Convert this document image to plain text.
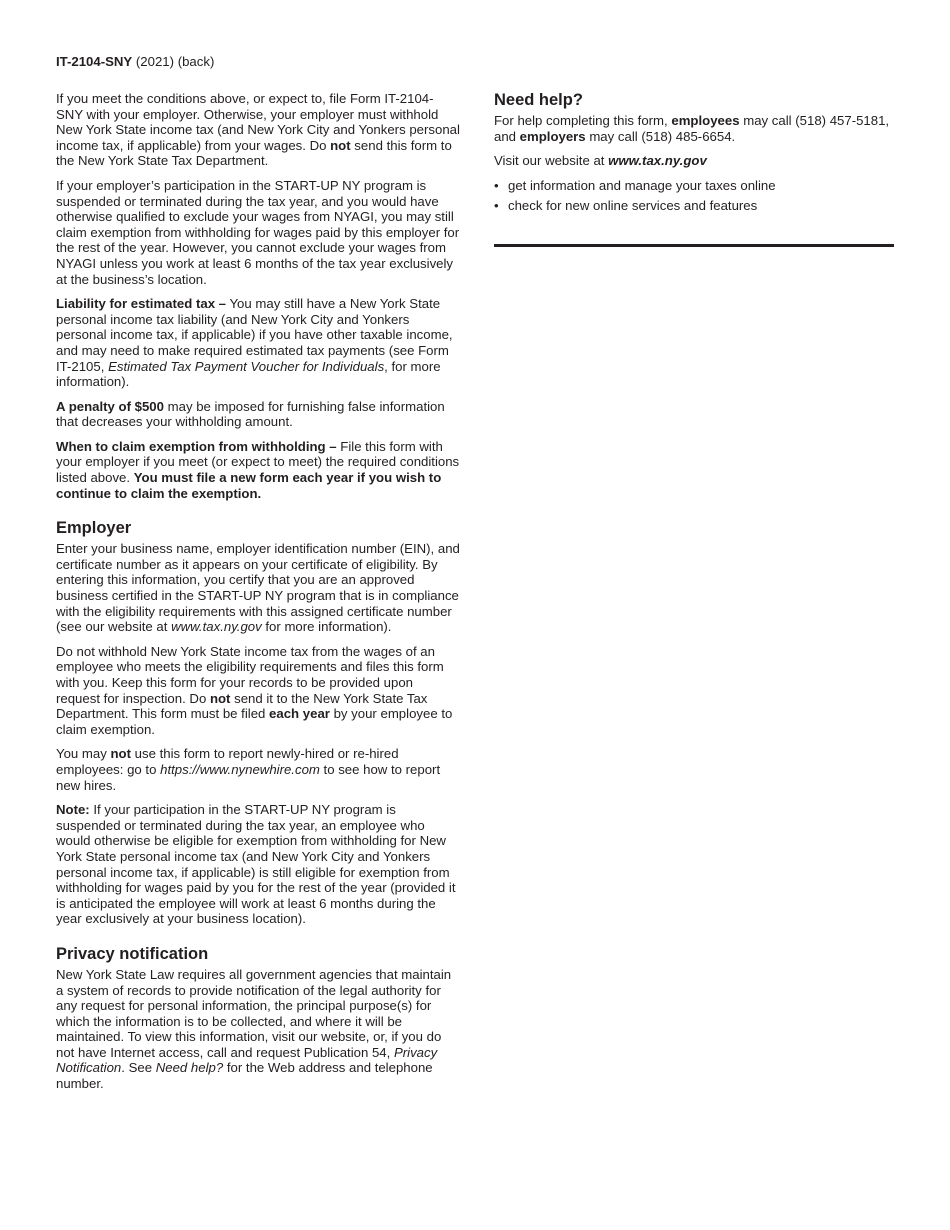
IT-2104-SNY (2021) (back)

If you meet the conditions above, or expect to, file Form IT-2104-SNY with your employer. Otherwise, your employer must withhold New York State income tax (and New York City and Yonkers personal income tax, if applicable) from your wages. Do not send this form to the New York State Tax Department.

If your employer’s participation in the START-UP NY program is suspended or terminated during the tax year, and you would have otherwise qualified to exclude your wages from NYAGI, you may still claim exemption from withholding for wages paid by this employer for the rest of the year. However, you cannot exclude your wages from NYAGI unless you work at least 6 months of the tax year exclusively at the business’s location.

Liability for estimated tax – You may still have a New York State personal income tax liability (and New York City and Yonkers personal income tax, if applicable) if you have other taxable income, and may need to make required estimated tax payments (see Form IT-2105, Estimated Tax Payment Voucher for Individuals, for more information).

A penalty of $500 may be imposed for furnishing false information that decreases your withholding amount.

When to claim exemption from withholding – File this form with your employer if you meet (or expect to meet) the required conditions listed above. You must file a new form each year if you wish to continue to claim the exemption.

Employer

Enter your business name, employer identification number (EIN), and certificate number as it appears on your certificate of eligibility. By entering this information, you certify that you are an approved business certified in the START-UP NY program that is in compliance with the eligibility requirements with this assigned certificate number (see our website at www.tax.ny.gov for more information).

Do not withhold New York State income tax from the wages of an employee who meets the eligibility requirements and files this form with you. Keep this form for your records to be provided upon request for inspection. Do not send it to the New York State Tax Department. This form must be filed each year by your employee to claim exemption.

You may not use this form to report newly-hired or re-hired employees: go to https://www.nynewhire.com to see how to report new hires.

Note: If your participation in the START-UP NY program is suspended or terminated during the tax year, an employee who would otherwise be eligible for exemption from withholding for New York State personal income tax (and New York City and Yonkers personal income tax, if applicable) is still eligible for exemption from withholding for wages paid by you for the rest of the year (provided it is anticipated the employee will work at least 6 months during the year exclusively at your business location).

Privacy notification

New York State Law requires all government agencies that maintain a system of records to provide notification of the legal authority for any request for personal information, the principal purpose(s) for which the information is to be collected, and where it will be maintained. To view this information, visit our website, or, if you do not have Internet access, call and request Publication 54, Privacy Notification. See Need help? for the Web address and telephone number.

Need help?

For help completing this form, employees may call (518) 457-5181, and employers may call (518) 485-6654.

Visit our website at www.tax.ny.gov

• get information and manage your taxes online
• check for new online services and features
